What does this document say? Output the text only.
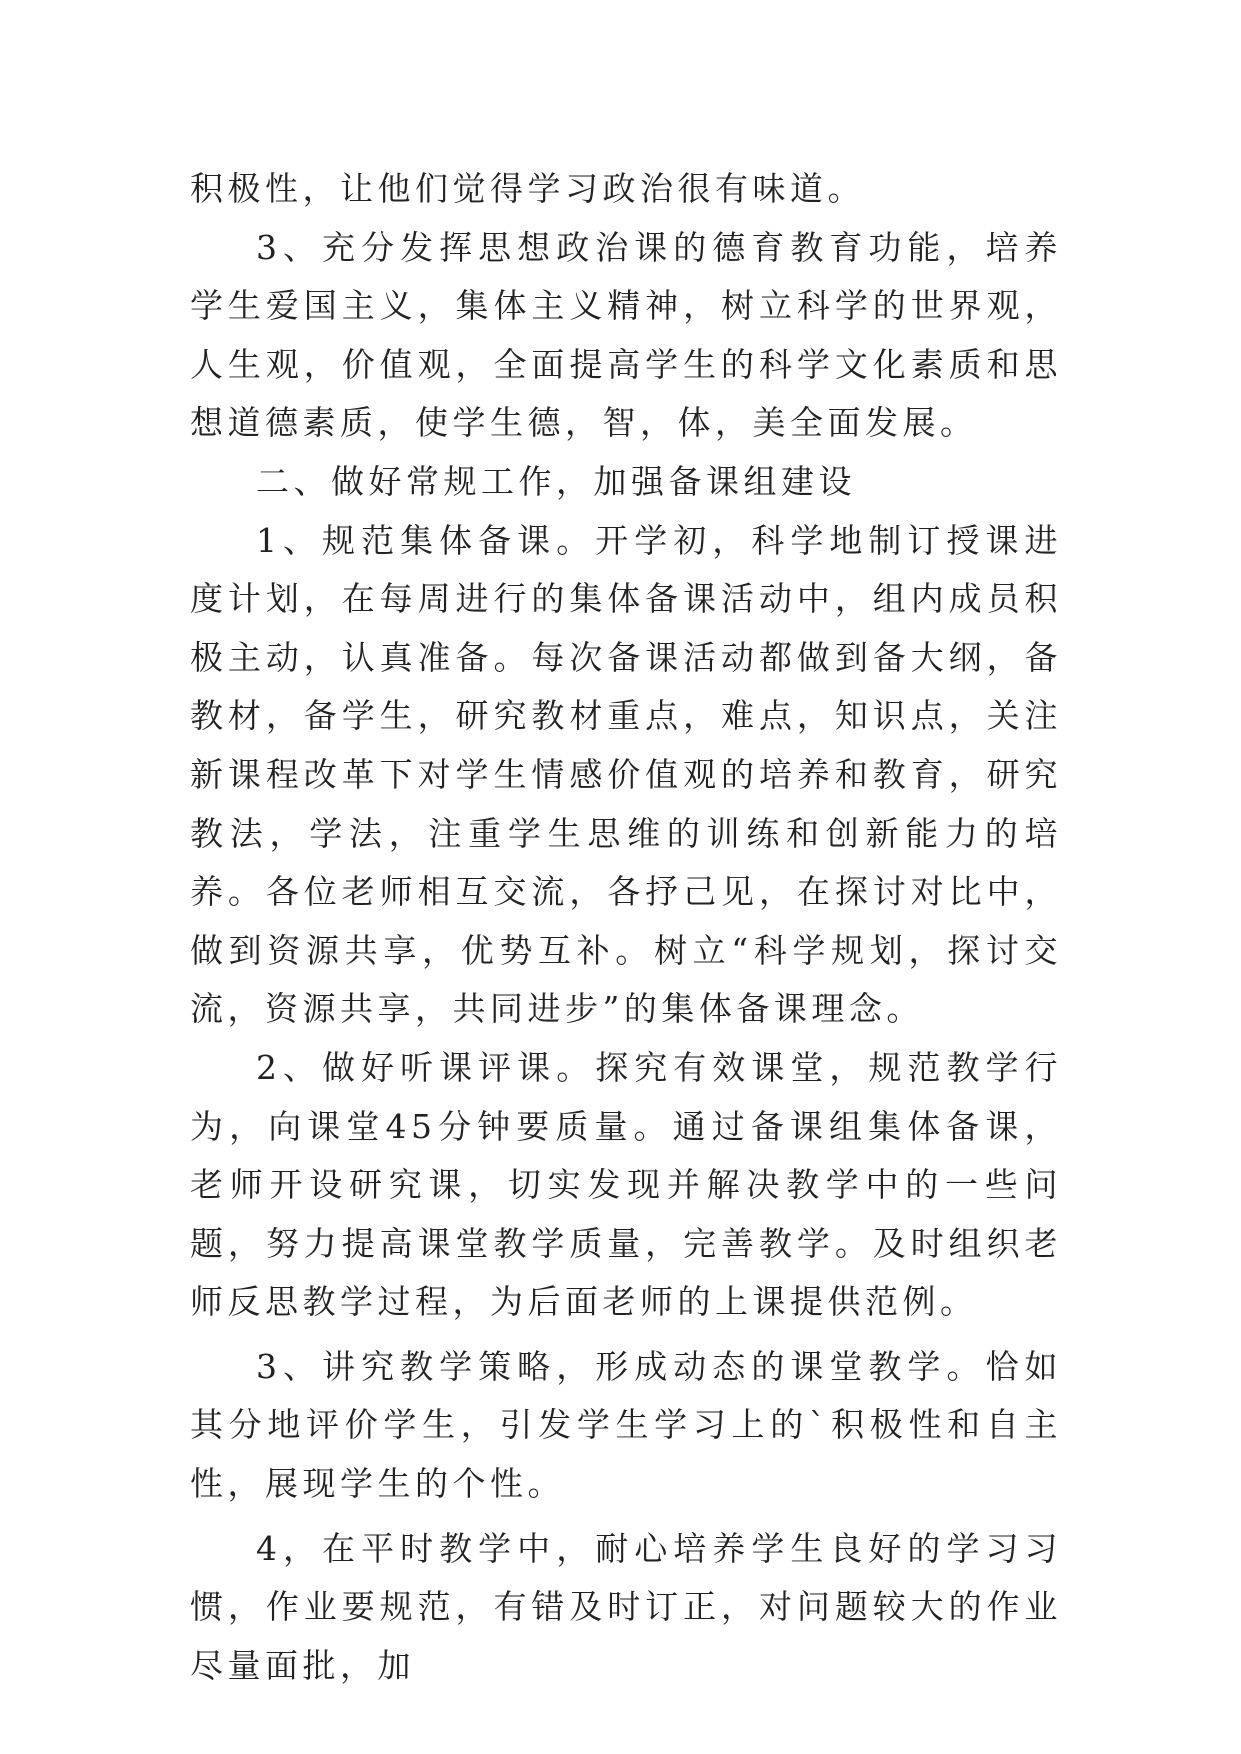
积极性，让他们觉得学习政治很有味道。

3、充分发挥思想政治课的德育教育功能，培养学生爱国主义，集体主义精神，树立科学的世界观，人生观，价值观，全面提高学生的科学文化素质和思想道德素质，使学生德，智，体，美全面发展。

二、做好常规工作，加强备课组建设

1、规范集体备课。开学初，科学地制订授课进度计划，在每周进行的集体备课活动中，组内成员积极主动，认真准备。每次备课活动都做到备大纲，备教材，备学生，研究教材重点，难点，知识点，关注新课程改革下对学生情感价值观的培养和教育，研究教法，学法，注重学生思维的训练和创新能力的培养。各位老师相互交流，各抒己见，在探讨对比中，做到资源共享，优势互补。树立“科学规划，探讨交流，资源共享，共同进步”的集体备课理念。

2、做好听课评课。探究有效课堂，规范教学行为，向课堂45分钟要质量。通过备课组集体备课，老师开设研究课，切实发现并解决教学中的一些问题，努力提高课堂教学质量，完善教学。及时组织老师反思教学过程，为后面老师的上课提供范例。

3、讲究教学策略，形成动态的课堂教学。恰如其分地评价学生，引发学生学习上的`积极性和自主性，展现学生的个性。

4，在平时教学中，耐心培养学生良好的学习习惯，作业要规范，有错及时订正，对问题较大的作业尽量面批，加
